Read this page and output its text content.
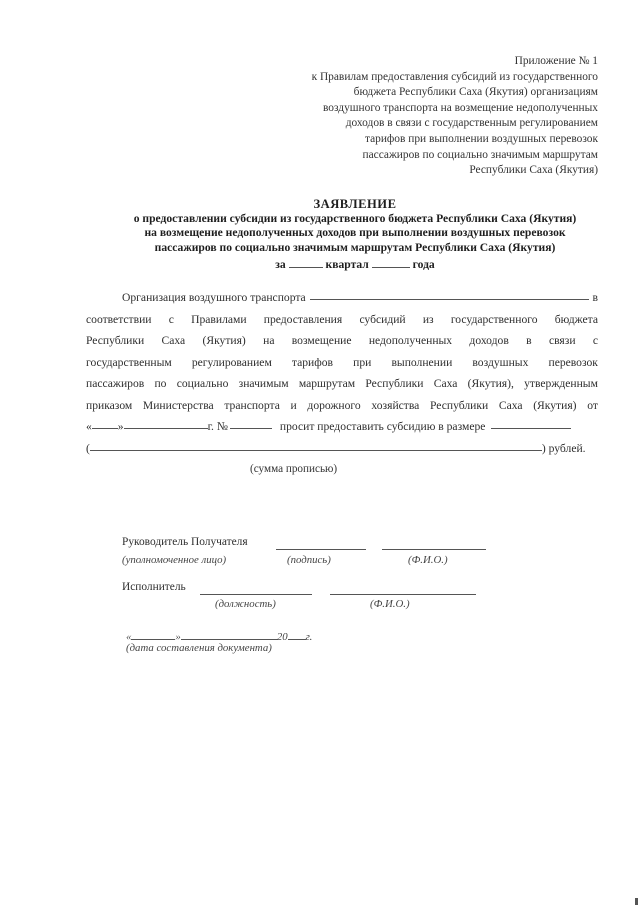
Приложение № 1
к Правилам предоставления субсидий из государственного
бюджета Республики Саха (Якутия) организациям
воздушного транспорта на возмещение недополученных
доходов в связи с государственным регулированием
тарифов при выполнении воздушных перевозок
пассажиров по социально значимым маршрутам
Республики Саха (Якутия)
ЗАЯВЛЕНИЕ
о предоставлении субсидии из государственного бюджета Республики Саха (Якутия)
на возмещение недополученных доходов при выполнении воздушных перевозок
пассажиров по социально значимым маршрутам Республики Саха (Якутия)
за	квартал	года
Организация воздушного транспорта	в
соответствии с Правилами предоставления субсидий из государственного бюджета
Республики Саха (Якутия) на возмещение недополученных доходов в связи с
государственным регулированием тарифов при выполнении воздушных перевозок
пассажиров по социально значимым маршрутам Республики Саха (Якутия), утвержденным
приказом Министерства транспорта и дорожного хозяйства Республики Саха (Якутия) от
« »	г. №	просит предоставить субсидию в размере
(	) рублей.
(сумма прописью)
Руководитель Получателя
(уполномоченное лицо)	(подпись)	(Ф.И.О.)
Исполнитель
(должность)	(Ф.И.О.)
«	»	20 г.
(дата составления документа)
